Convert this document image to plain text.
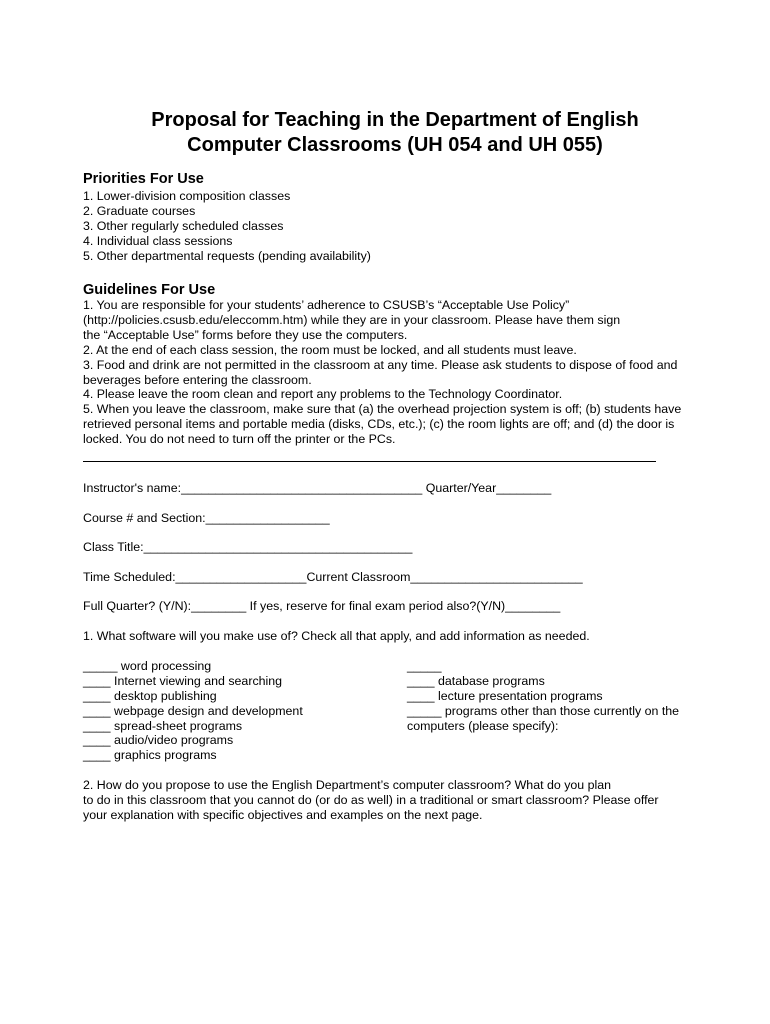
Proposal for Teaching in the Department of English
Computer Classrooms (UH 054 and UH 055)
Priorities For Use
1. Lower-division composition classes
2. Graduate courses
3. Other regularly scheduled classes
4. Individual class sessions
5. Other departmental requests (pending availability)
Guidelines For Use
1. You are responsible for your students’ adherence to CSUSB’s “Acceptable Use Policy”
(http://policies.csusb.edu/eleccomm.htm) while they are in your classroom. Please have them sign
the “Acceptable Use” forms before they use the computers.
2. At the end of each class session, the room must be locked, and all students must leave.
3. Food and drink are not permitted in the classroom at any time. Please ask students to dispose of food and
beverages before entering the classroom.
4. Please leave the room clean and report any problems to the Technology Coordinator.
5. When you leave the classroom, make sure that (a) the overhead projection system is off; (b) students have
retrieved personal items and portable media (disks, CDs, etc.); (c) the room lights are off; and (d) the door is
locked. You do not need to turn off the printer or the PCs.
Instructor's name:___________________________________ Quarter/Year________
Course # and Section:__________________
Class Title:_______________________________________
Time Scheduled:___________________Current Classroom_________________________
Full Quarter? (Y/N):________ If yes, reserve for final exam period also?(Y/N)________
1. What software will you make use of? Check all that apply, and add information as needed.
_____ word processing
____ Internet viewing and searching
____ desktop publishing
____ webpage design and development
____ spread-sheet programs
____ audio/video programs
____ graphics programs
_____
____ database programs
____ lecture presentation programs
_____ programs other than those currently on the
computers (please specify):
2. How do you propose to use the English Department’s computer classroom? What do you plan
to do in this classroom that you cannot do (or do as well) in a traditional or smart classroom? Please offer
your explanation with specific objectives and examples on the next page.
